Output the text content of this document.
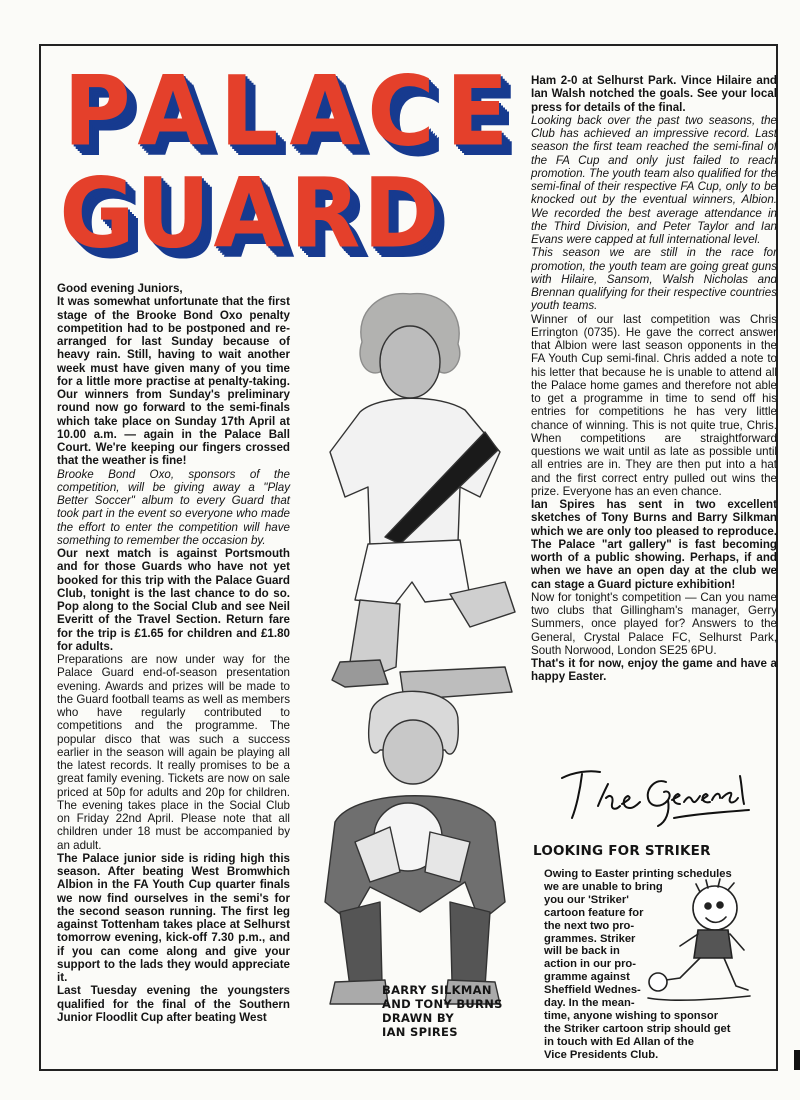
P A L A C E
G U A R D

Good evening Juniors,

It was somewhat unfortunate that the first stage of the Brooke Bond Oxo penalty competition had to be postponed and re-arranged for last Sunday because of heavy rain. Still, having to wait another week must have given many of you time for a little more practise at penalty-taking. Our winners from Sunday's preliminary round now go forward to the semi-finals which take place on Sunday 17th April at 10.00 a.m. — again in the Palace Ball Court. We're keeping our fingers crossed that the weather is fine!

Brooke Bond Oxo, sponsors of the competition, will be giving away a "Play Better Soccer" album to every Guard that took part in the event so everyone who made the effort to enter the competition will have something to remember the occasion by.

Our next match is against Portsmouth and for those Guards who have not yet booked for this trip with the Palace Guard Club, tonight is the last chance to do so. Pop along to the Social Club and see Neil Everitt of the Travel Section. Return fare for the trip is £1.65 for children and £1.80 for adults.

Preparations are now under way for the Palace Guard end-of-season presentation evening. Awards and prizes will be made to the Guard football teams as well as members who have regularly contributed to competitions and the programme. The popular disco that was such a success earlier in the season will again be playing all the latest records. It really promises to be a great family evening. Tickets are now on sale priced at 50p for adults and 20p for children. The evening takes place in the Social Club on Friday 22nd April. Please note that all children under 18 must be accompanied by an adult.

The Palace junior side is riding high this season. After beating West Bromwhich Albion in the FA Youth Cup quarter finals we now find ourselves in the semi's for the second season running. The first leg against Tottenham takes place at Selhurst tomorrow evening, kick-off 7.30 p.m., and if you can come along and give your support to the lads they would appreciate it.

Last Tuesday evening the youngsters qualified for the final of the Southern Junior Floodlit Cup after beating West

Ham 2-0 at Selhurst Park. Vince Hilaire and Ian Walsh notched the goals. See your local press for details of the final.

Looking back over the past two seasons, the Club has achieved an impressive record. Last season the first team reached the semi-final of the FA Cup and only just failed to reach promotion. The youth team also qualified for the semi-final of their respective FA Cup, only to be knocked out by the eventual winners, Albion. We recorded the best average attendance in the Third Division, and Peter Taylor and Ian Evans were capped at full international level.

This season we are still in the race for promotion, the youth team are going great guns with Hilaire, Sansom, Walsh Nicholas and Brennan qualifying for their respective countries youth teams.

Winner of our last competition was Chris Errington (0735). He gave the correct answer that Albion were last season opponents in the FA Youth Cup semi-final. Chris added a note to his letter that because he is unable to attend all the Palace home games and therefore not able to get a programme in time to send off his entries for competitions he has very little chance of winning. This is not quite true, Chris. When competitions are straightforward questions we wait until as late as possible until all entries are in. They are then put into a hat and the first correct entry pulled out wins the prize. Everyone has an even chance.

Ian Spires has sent in two excellent sketches of Tony Burns and Barry Silkman which we are only too pleased to reproduce. The Palace "art gallery" is fast becoming worth of a public showing. Perhaps, if and when we have an open day at the club we can stage a Guard picture exhibition!

Now for tonight's competition — Can you name two clubs that Gillingham's manager, Gerry Summers, once played for? Answers to the General, Crystal Palace FC, Selhurst Park, South Norwood, London SE25 6PU.

That's it for now, enjoy the game and have a happy Easter.

BARRY SILKMAN
AND TONY BURNS
DRAWN BY
IAN SPIRES
LOOKING FOR STRIKER
Owing to Easter printing schedules
we are unable to bring
you our 'Striker'
cartoon feature for
the next two pro-
grammes. Striker
will be back in
action in our pro-
gramme against
Sheffield Wednes-
day. In the mean-
time, anyone wishing to sponsor
the Striker cartoon strip should get
in touch with Ed Allan of the
Vice Presidents Club.
